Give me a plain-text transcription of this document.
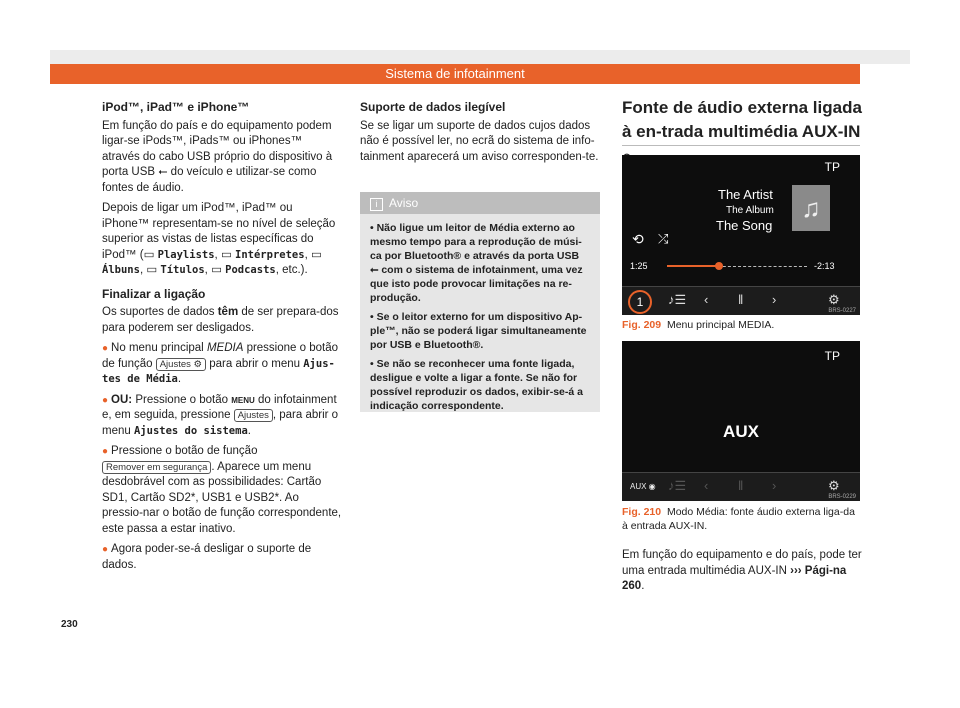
Sistema de infotainment

iPod™, iPad™ e iPhone™

Em função do país e do equipamento podem ligar-se iPods™, iPads™ ou iPhones™ através do cabo USB próprio do dispositivo à porta USB ⭠ do veículo e utilizar-se como fontes de áudio.

Depois de ligar um iPod™, iPad™ ou iPhone™ representam-se no nível de seleção superior as vistas de listas específicas do iPod™ (▭ Playlists, ▭ Intérpretes, ▭ Álbuns, ▭ Títulos, ▭ Podcasts, etc.).

Finalizar a ligação

Os suportes de dados têm de ser prepara-dos para poderem ser desligados.

● No menu principal MEDIA pressione o botão de função Ajustes ⚙ para abrir o menu Ajus-tes de Média.

● OU: Pressione o botão MENU do infotainment e, em seguida, pressione Ajustes , para abrir o menu Ajustes do sistema.

● Pressione o botão de função Remover em segurança . Aparece um menu desdobrável com as possibilidades: Cartão SD1, Cartão SD2*, USB1 e USB2*. Ao pressio-nar o botão de função correspondente, este passa a estar inativo.

● Agora poder-se-á desligar o suporte de dados.

230

Suporte de dados ilegível

Se se ligar um suporte de dados cujos dados não é possível ler, no ecrã do sistema de info-tainment aparecerá um aviso corresponden-te.

i Aviso

• Não ligue um leitor de Média externo ao mesmo tempo para a reprodução de músi-ca por Bluetooth® e através da porta USB ⭠ com o sistema de infotainment, uma vez que isto pode provocar limitações na re-produção.

• Se o leitor externo for um dispositivo Ap-ple™, não se poderá ligar simultaneamente por USB e Bluetooth®.

• Se não se reconhecer uma fonte ligada, desligue e volte a ligar a fonte. Se não for possível reproduzir os dados, exibir-se-á a indicação correspondente.

Fonte de áudio externa ligada à en-trada multimédia AUX-IN
TP
The Artist
The Album
The Song
♫
⟲ ⤮
1:25	-2:13
1	♪☰ ‹ ‖ ›	⚙
BRS-0227
Fig. 209 Menu principal MEDIA.
TP
AUX
AUX ◉ ♪☰ ‹ ‖ ›	⚙
BRS-0229
Fig. 210 Modo Média: fonte áudio externa liga-da à entrada AUX-IN.

Em função do equipamento e do país, pode ter uma entrada multimédia AUX-IN ››› Pági-na 260.
